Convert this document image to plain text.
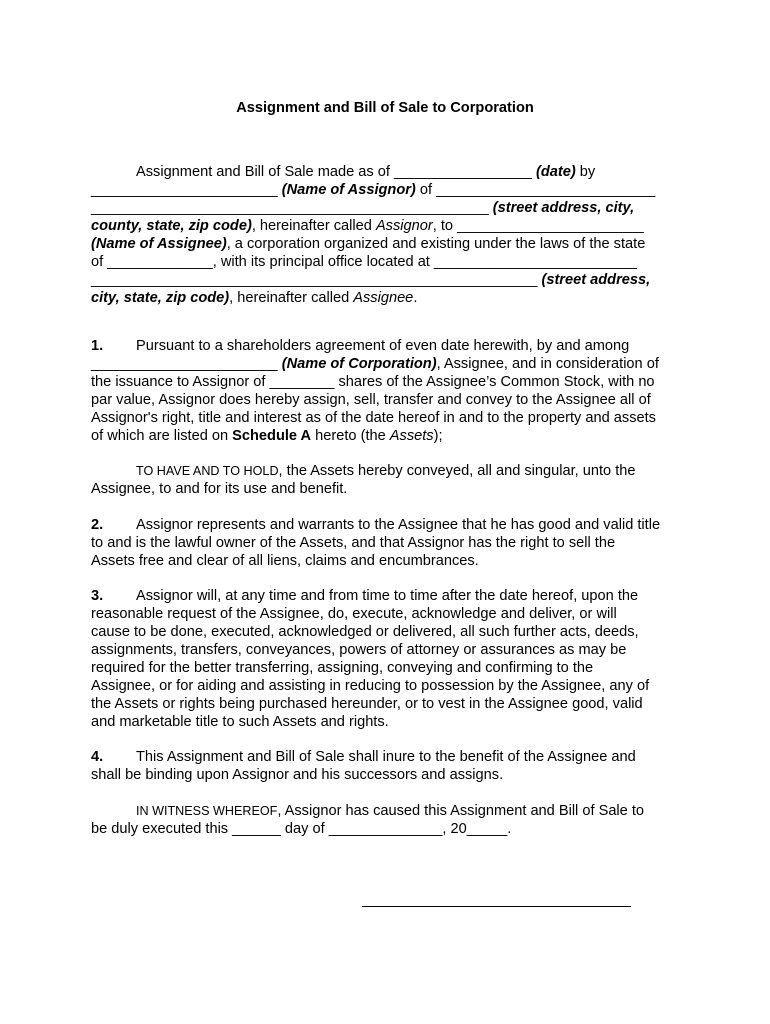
Assignment and Bill of Sale to Corporation
Assignment and Bill of Sale made as of _________________ (date) by
_______________________ (Name of Assignor) of ___________________________
_________________________________________________ (street address, city,
county, state, zip code), hereinafter called Assignor, to _______________________
(Name of Assignee), a corporation organized and existing under the laws of the state
of _____________, with its principal office located at _________________________
_______________________________________________________ (street address,
city, state, zip code), hereinafter called Assignee.
1. Pursuant to a shareholders agreement of even date herewith, by and among
_______________________ (Name of Corporation), Assignee, and in consideration of
the issuance to Assignor of ________ shares of the Assignee’s Common Stock, with no
par value, Assignor does hereby assign, sell, transfer and convey to the Assignee all of
Assignor's right, title and interest as of the date hereof in and to the property and assets
of which are listed on Schedule A hereto (the Assets);
TO HAVE AND TO HOLD, the Assets hereby conveyed, all and singular, unto the
Assignee, to and for its use and benefit.
2. Assignor represents and warrants to the Assignee that he has good and valid title
to and is the lawful owner of the Assets, and that Assignor has the right to sell the
Assets free and clear of all liens, claims and encumbrances.
3. Assignor will, at any time and from time to time after the date hereof, upon the
reasonable request of the Assignee, do, execute, acknowledge and deliver, or will
cause to be done, executed, acknowledged or delivered, all such further acts, deeds,
assignments, transfers, conveyances, powers of attorney or assurances as may be
required for the better transferring, assigning, conveying and confirming to the
Assignee, or for aiding and assisting in reducing to possession by the Assignee, any of
the Assets or rights being purchased hereunder, or to vest in the Assignee good, valid
and marketable title to such Assets and rights.
4. This Assignment and Bill of Sale shall inure to the benefit of the Assignee and
shall be binding upon Assignor and his successors and assigns.
IN WITNESS WHEREOF, Assignor has caused this Assignment and Bill of Sale to
be duly executed this ______ day of ______________, 20_____.
